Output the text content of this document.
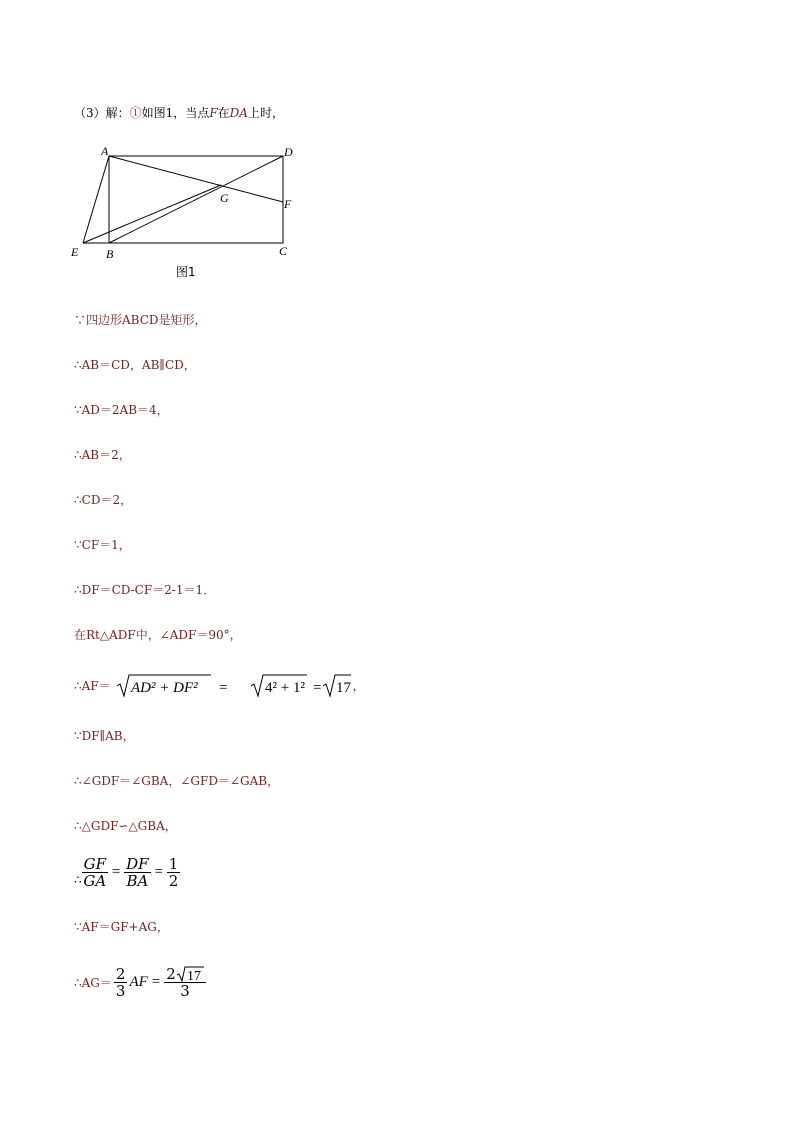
（3）解：①如图1，当点F在DA上时，
A	D
G	F
E B	C
图1
∵四边形ABCD是矩形，
∴AB＝CD，AB∥CD，
∵AD＝2AB＝4，
∴AB＝2，
∴CD＝2，
∵CF＝1，
∴DF＝CD-CF＝2-1＝1．
在Rt△ADF中，∠ADF＝90°，
∴AF＝ AD² + DF² =	4² + 1² = 17 ，
∵DF∥AB，
∴∠GDF＝∠GBA，∠GFD＝∠GAB，
∴△GDF∽△GBA，
∴ $\frac{GF}{GA} = \frac{DF}{BA} = \frac{1}{2}$
∵AF＝GF+AG，
∴AG＝ $\frac{2}{3}$ AF = $\frac{2 17}{3}$
